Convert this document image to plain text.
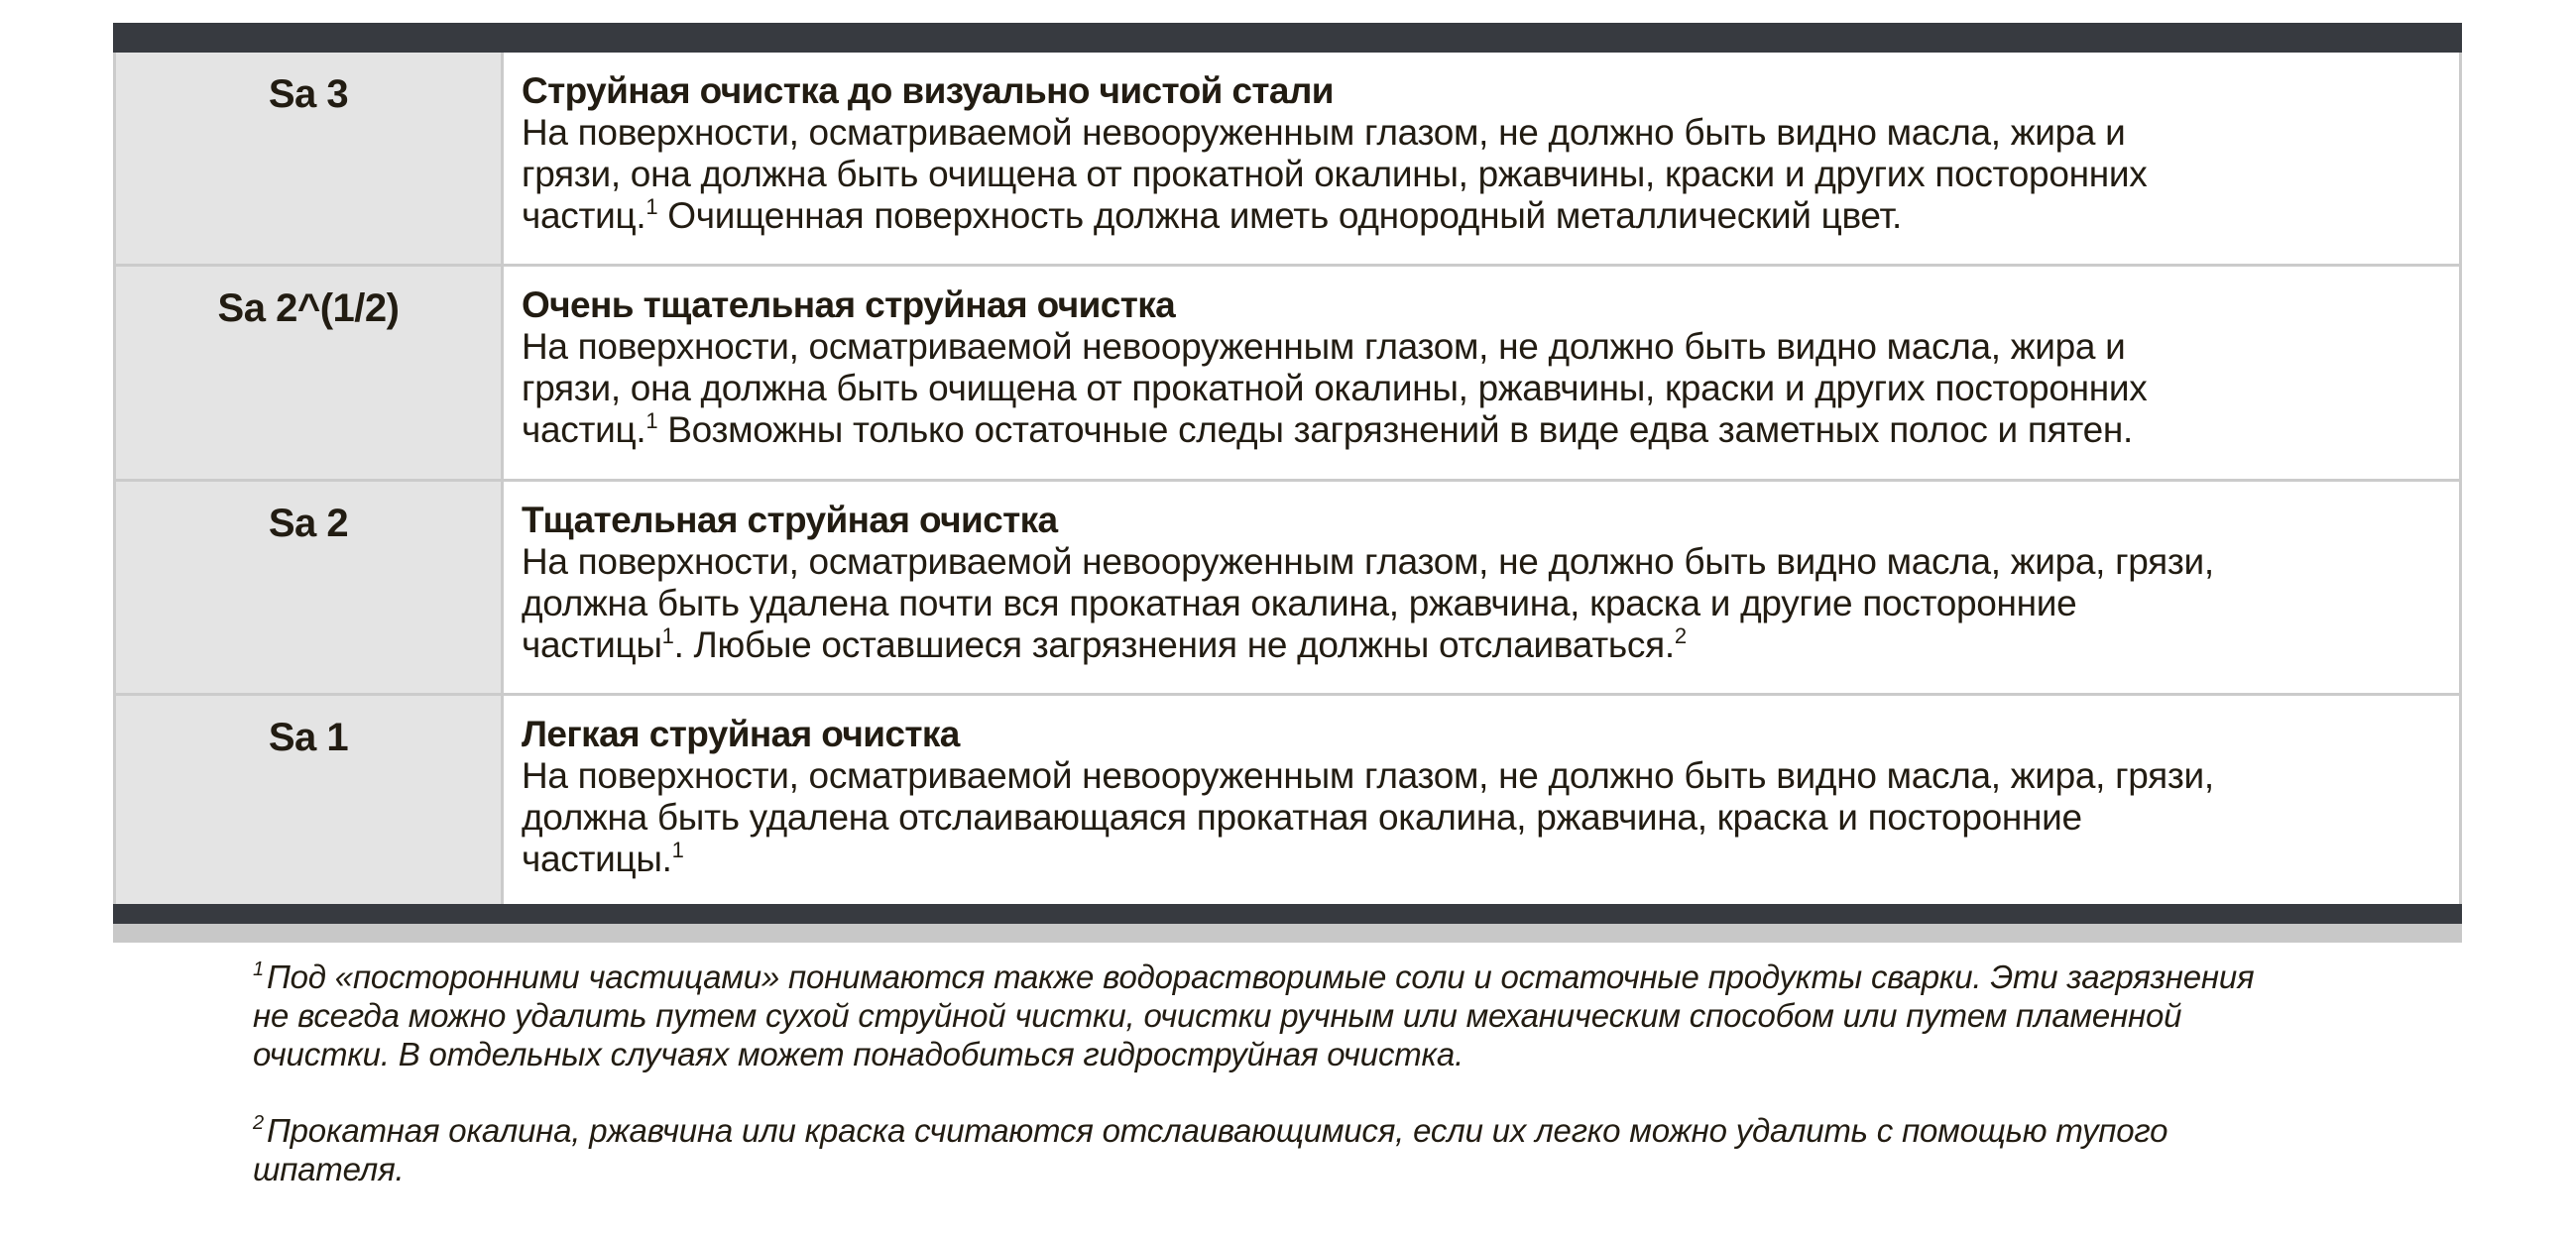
Sa 3	Струйная очистка до визуально чистой стали
На поверхности, осматриваемой невооруженным глазом, не должно быть видно масла, жира и
грязи, она должна быть очищена от прокатной окалины, ржавчины, краски и других посторонних
частиц.$^1$ Очищенная поверхность должна иметь однородный металлический цвет.
Sa 2^(1/2)	Очень тщательная струйная очистка
На поверхности, осматриваемой невооруженным глазом, не должно быть видно масла, жира и
грязи, она должна быть очищена от прокатной окалины, ржавчины, краски и других посторонних
частиц.$^1$ Возможны только остаточные следы загрязнений в виде едва заметных полос и пятен.
Sa 2	Тщательная струйная очистка
На поверхности, осматриваемой невооруженным глазом, не должно быть видно масла, жира, грязи,
должна быть удалена почти вся прокатная окалина, ржавчина, краска и другие посторонние
частицы$^1$. Любые оставшиеся загрязнения не должны отслаиваться.$^2$
Sa 1	Легкая струйная очистка
На поверхности, осматриваемой невооруженным глазом, не должно быть видно масла, жира, грязи,
должна быть удалена отслаивающаяся прокатная окалина, ржавчина, краска и посторонние
частицы.$^1$
$^1$Под «посторонними частицами» понимаются также водорастворимые соли и остаточные продукты сварки. Эти загрязнения
не всегда можно удалить путем сухой струйной чистки, очистки ручным или механическим способом или путем пламенной
очистки. В отдельных случаях может понадобиться гидроструйная очистка.
$^2$Прокатная окалина, ржавчина или краска считаются отслаивающимися, если их легко можно удалить с помощью тупого
шпателя.
